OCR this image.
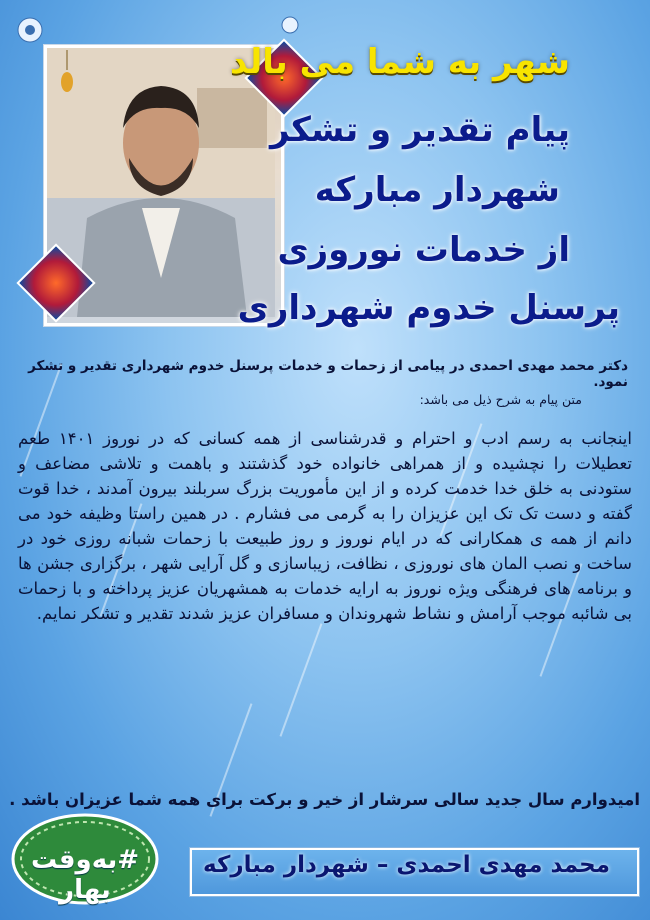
شهر به شما می بالد
پیام تقدیر و تشکر
شهردار مبارکه
از خدمات نوروزی
پرسنل خدوم شهرداری
دکتر محمد مهدی احمدی در پیامی از زحمات و خدمات پرسنل خدوم شهرداری تقدیر و تشکر نمود.
متن پیام به شرح ذیل می باشد:
اینجانب به رسم ادب و احترام و قدرشناسی از همه کسانی که در نوروز ۱۴۰۱ طعم تعطیلات را نچشیده و از همراهی خانواده خود گذشتند و باهمت و تلاشی مضاعف و ستودنی به خلق خدا خدمت کرده و از این مأموریت بزرگ سربلند بیرون آمدند ، خدا قوت گفته و دست تک تک این عزیزان را به گرمی می فشارم . در همین راستا وظیفه خود می دانم از همه ی همکارانی که در ایام نوروز و روز طبیعت با زحمات شبانه روزی خود در ساخت و نصب المان های نوروزی ، نظافت، زیباسازی و گل آرایی شهر ، برگزاری جشن ها و برنامه های فرهنگی ویژه نوروز به ارایه خدمات به همشهریان عزیز پرداخته و با زحمات بی شائبه موجب آرامش و نشاط شهروندان و مسافران عزیز شدند تقدیر و تشکر نمایم.
امیدوارم سال جدید سالی سرشار از خیر و برکت برای همه شما عزیزان باشد .
#به‌وقت بهار
محمد مهدی احمدی – شهردار مبارکه
